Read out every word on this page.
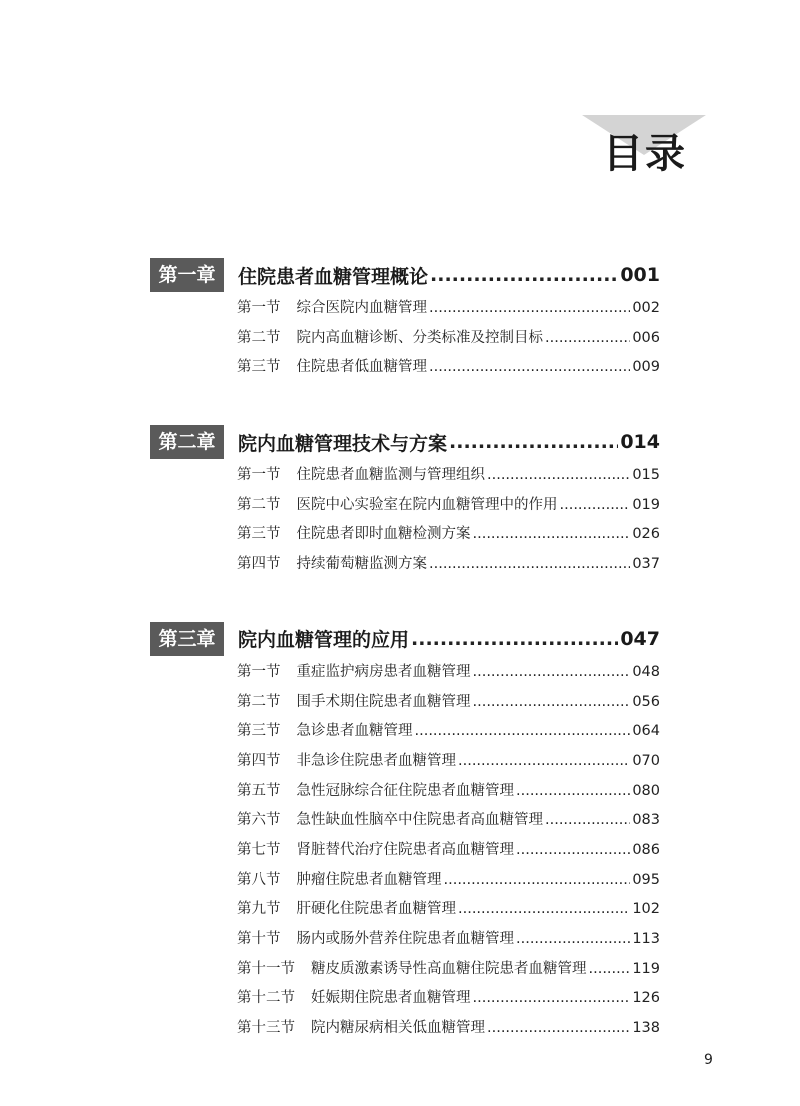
目录
第一章	住院患者血糖管理概论 .....	001
第一节 综合医院内血糖管理 .....	002
第二节 院内高血糖诊断、分类标准及控制目标 .....	006
第三节 住院患者低血糖管理 .....	009
第二章	院内血糖管理技术与方案 .....	014
第一节 住院患者血糖监测与管理组织 .....	015
第二节 医院中心实验室在院内血糖管理中的作用 .....	019
第三节 住院患者即时血糖检测方案 .....	026
第四节 持续葡萄糖监测方案 .....	037
第三章	院内血糖管理的应用 .....	047
第一节 重症监护病房患者血糖管理 .....	048
第二节 围手术期住院患者血糖管理 .....	056
第三节 急诊患者血糖管理 .....	064
第四节 非急诊住院患者血糖管理 .....	070
第五节 急性冠脉综合征住院患者血糖管理 .....	080
第六节 急性缺血性脑卒中住院患者高血糖管理 .....	083
第七节 肾脏替代治疗住院患者高血糖管理 .....	086
第八节 肿瘤住院患者血糖管理 .....	095
第九节 肝硬化住院患者血糖管理 .....	102
第十节 肠内或肠外营养住院患者血糖管理 .....	113
第十一节 糖皮质激素诱导性高血糖住院患者血糖管理 .....	119
第十二节 妊娠期住院患者血糖管理 .....	126
第十三节 院内糖尿病相关低血糖管理 .....	138
9
